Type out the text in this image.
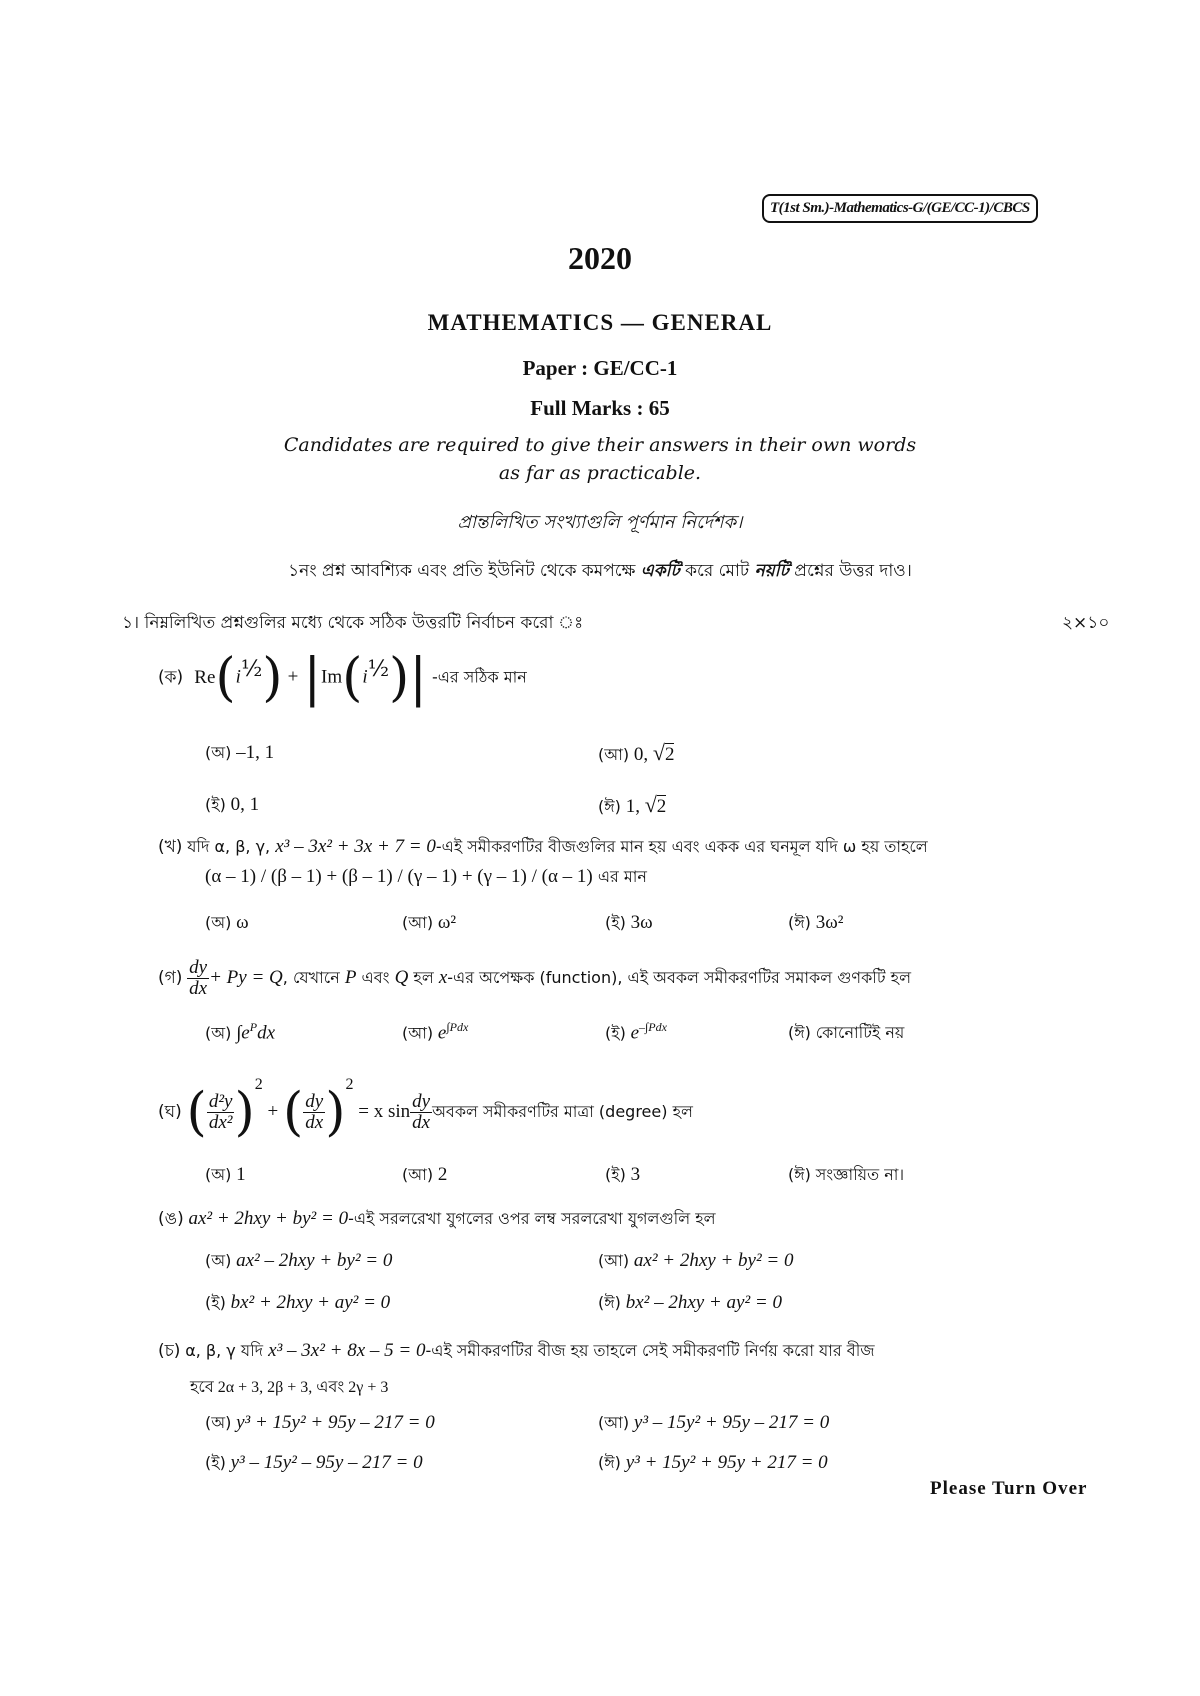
T(1st Sm.)-Mathematics-G/(GE/CC-1)/CBCS
2020
MATHEMATICS — GENERAL
Paper : GE/CC-1
Full Marks : 65
Candidates are required to give their answers in their own words
as far as practicable.
প্রান্তলিখিত সংখ্যাগুলি পূর্ণমান নির্দেশক।
১নং প্রশ্ন আবশ্যিক এবং প্রতি ইউনিট থেকে কমপক্ষে একটি করে মোট নয়টি প্রশ্নের উত্তর দাও।
১। নিম্নলিখিত প্রশ্নগুলির মধ্যে থেকে সঠিক উত্তরটি নির্বাচন করো ঃ	২×১০
(ক) $Re(i^{\frac{1}{2}}) + |Im(i^{\frac{1}{2}})|$ -এর সঠিক মান
(অ) –1, 1	(আ) 0, √2
(ই) 0, 1	(ঈ) 1, √2
(খ) যদি α, β, γ, x³ – 3x² + 3x + 7 = 0-এই সমীকরণটির বীজগুলির মান হয় এবং একক এর ঘনমূল যদি ω হয় তাহলে
(α – 1) / (β – 1) + (β – 1) / (γ – 1) + (γ – 1) / (α – 1) এর মান
(অ) ω	(আ) ω²	(ই) 3ω	(ঈ) 3ω²
(গ) $\frac{dy}{dx} + Py = Q$, যেখানে P এবং Q হল x-এর অপেক্ষক (function), এই অবকল সমীকরণটির সমাকল গুণকটি হল
(অ) $\int e^Pdx$	(আ) $e^{\int Pdx}$	(ই) $e^{-\int Pdx}$	(ঈ) কোনোটিই নয়
(ঘ) ( $\frac{\text{d²y}}{\text{dx²}} )^2$ + ( $\frac{dy}{dx} )^2 = x$ $\sin \frac{dy}{dx}$ অবকল সমীকরণটির মাত্রা (degree) হল
(অ) 1	(আ) 2	(ই) 3	(ঈ) সংজ্ঞায়িত না।
(ঙ) ax² + 2hxy + by² = 0-এই সরলরেখা যুগলের ওপর লম্ব সরলরেখা যুগলগুলি হল
(অ) ax² – 2hxy + by² = 0	(আ) ax² + 2hxy + by² = 0
(ই) bx² + 2hxy + ay² = 0	(ঈ) bx² – 2hxy + ay² = 0
(চ) α, β, γ যদি x³ – 3x² + 8x – 5 = 0-এই সমীকরণটির বীজ হয় তাহলে সেই সমীকরণটি নির্ণয় করো যার বীজ
হবে 2α + 3, 2β + 3, এবং 2γ + 3
(অ) y³ + 15y² + 95y – 217 = 0	(আ) y³ – 15y² + 95y – 217 = 0
(ই) y³ – 15y² – 95y – 217 = 0	(ঈ) y³ + 15y² + 95y + 217 = 0
Please Turn Over
